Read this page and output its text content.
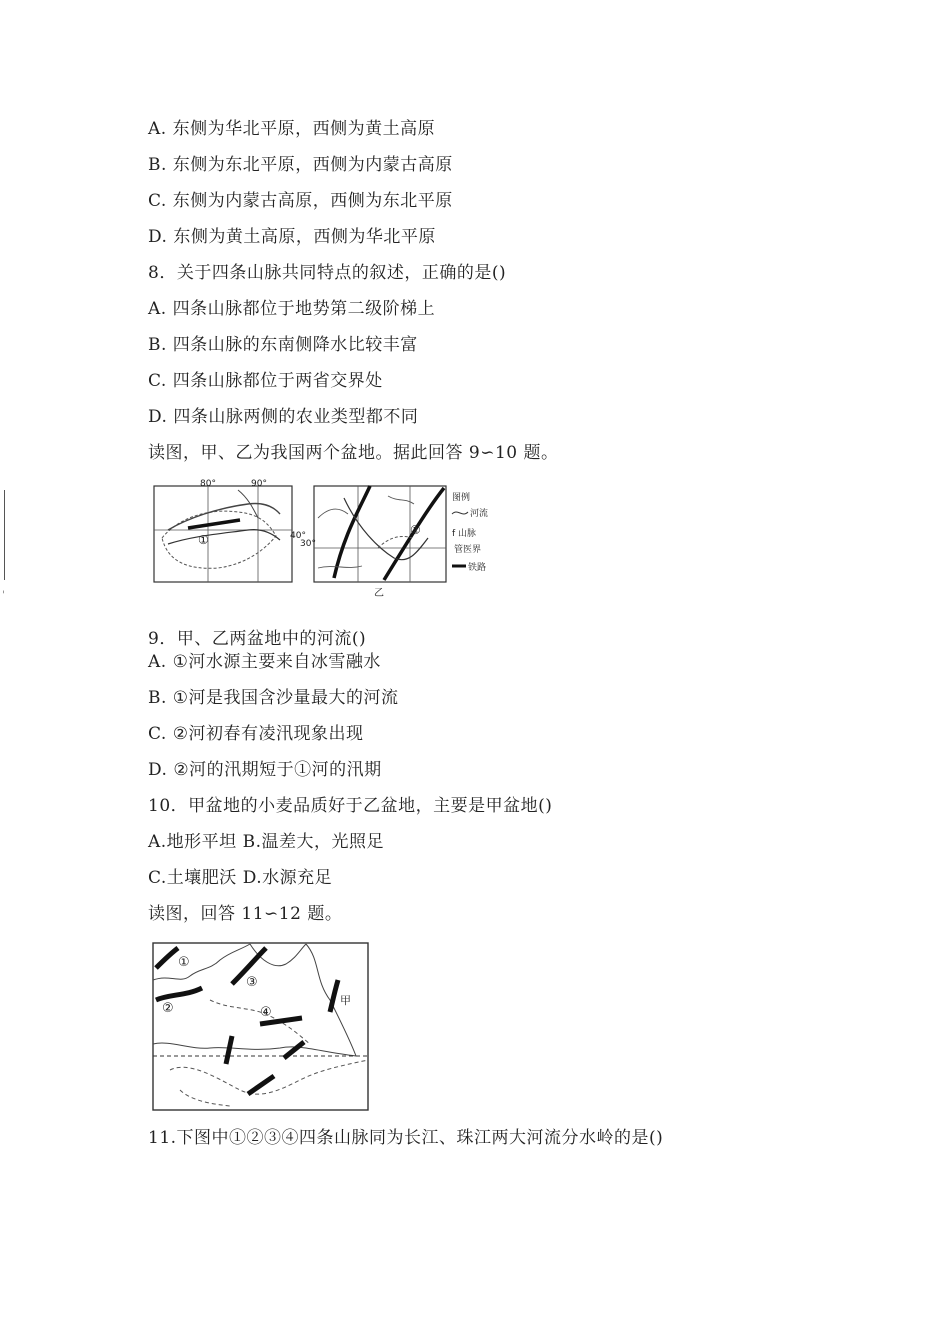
'
A. 东侧为华北平原，西侧为黄土高原
B. 东侧为东北平原，西侧为内蒙古高原
C. 东侧为内蒙古高原，西侧为东北平原
D. 东侧为黄土高原，西侧为华北平原
8．关于四条山脉共同特点的叙述，正确的是()
A. 四条山脉都位于地势第二级阶梯上
B. 四条山脉的东南侧降水比较丰富
C. 四条山脉都位于两省交界处
D. 四条山脉两侧的农业类型都不同
读图，甲、乙为我国两个盆地。据此回答 9∽10 题。
80°	90°
40°
①	30°
②
乙
图例
河流
f 山脉
管医界
铁路
9．甲、乙两盆地中的河流()
A. ①河水源主要来自冰雪融水
B. ①河是我国含沙量最大的河流
C. ②河初春有凌汛现象出现
D. ②河的汛期短于①河的汛期
10．甲盆地的小麦品质好于乙盆地，主要是甲盆地()
A.地形平坦 B.温差大，光照足
C.土壤肥沃 D.水源充足
读图，回答 11∽12 题。
①
②
③
④
甲
11.下图中①②③④四条山脉同为长江、珠江两大河流分水岭的是()
